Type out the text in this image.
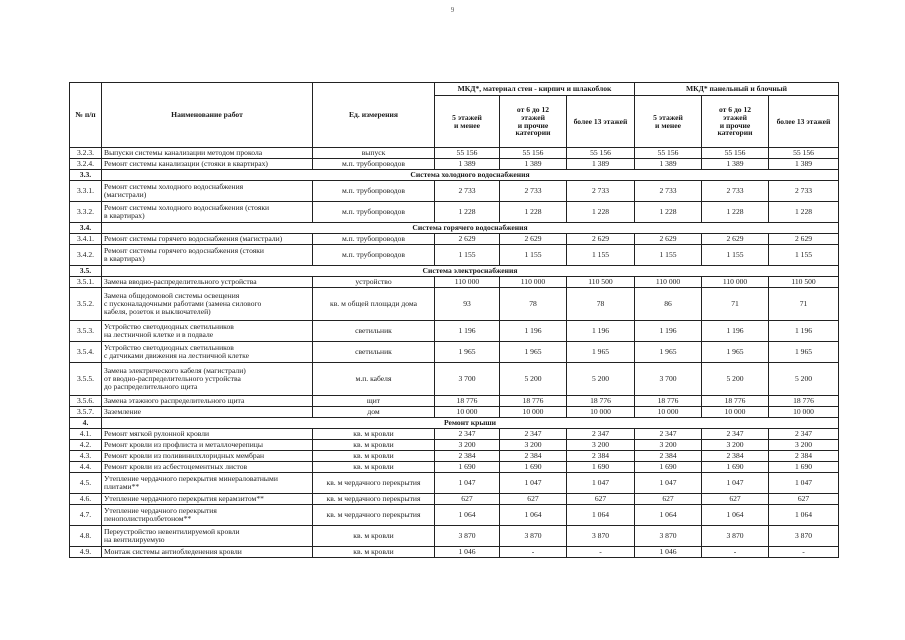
9
№ п/п	Наименование работ	Ед. измерения	МКД*, материал стен - кирпич и шлакоблок			МКД* панельный и блочный		
			5 этажей
и менее	от 6 до 12
этажей
и прочие
категории	более 13 этажей	5 этажей
и менее	от 6 до 12
этажей
и прочие
категории	более 13 этажей
3.2.3.	Выпуски системы канализации методом прокола	выпуск	55 156	55 156	55 156	55 156	55 156	55 156
3.2.4.	Ремонт системы канализации (стояки в квартирах)	м.п. трубопроводов	1 389	1 389	1 389	1 389	1 389	1 389
3.3.	Система холодного водоснабжения							
3.3.1.	Ремонт системы холодного водоснабжения
(магистрали)	м.п. трубопроводов	2 733	2 733	2 733	2 733	2 733	2 733
3.3.2.	Ремонт системы холодного водоснабжения (стояки
в квартирах)	м.п. трубопроводов	1 228	1 228	1 228	1 228	1 228	1 228
3.4.	Система горячего водоснабжения							
3.4.1.	Ремонт системы горячего водоснабжения (магистрали)	м.п. трубопроводов	2 629	2 629	2 629	2 629	2 629	2 629
3.4.2.	Ремонт системы горячего водоснабжения (стояки
в квартирах)	м.п. трубопроводов	1 155	1 155	1 155	1 155	1 155	1 155
3.5.	Система электроснабжения							
3.5.1.	Замена вводно-распределительного устройства	устройство	110 000	110 000	110 500	110 000	110 000	110 500
3.5.2.	Замена общедомовой системы освещения
с пусконаладочными работами (замена силового
кабеля, розеток и выключателей)	кв. м общей площади дома	93	78	78	86	71	71
3.5.3.	Устройство светодиодных светильников
на лестничной клетке и в подвале	светильник	1 196	1 196	1 196	1 196	1 196	1 196
3.5.4.	Устройство светодиодных светильников
с датчиками движения на лестничной клетке	светильник	1 965	1 965	1 965	1 965	1 965	1 965
3.5.5.	Замена электрического кабеля (магистрали)
от вводно-распределительного устройства
до распределительного щита	м.п. кабеля	3 700	5 200	5 200	3 700	5 200	5 200
3.5.6.	Замена этажного распределительного щита	щит	18 776	18 776	18 776	18 776	18 776	18 776
3.5.7.	Заземление	дом	10 000	10 000	10 000	10 000	10 000	10 000
4.	Ремонт крыши							
4.1.	Ремонт мягкой рулонной кровли	кв. м кровли	2 347	2 347	2 347	2 347	2 347	2 347
4.2.	Ремонт кровли из профлиста и металлочерепицы	кв. м кровли	3 200	3 200	3 200	3 200	3 200	3 200
4.3.	Ремонт кровли из поливинилхлоридных мембран	кв. м кровли	2 384	2 384	2 384	2 384	2 384	2 384
4.4.	Ремонт кровли из асбестоцементных листов	кв. м кровли	1 690	1 690	1 690	1 690	1 690	1 690
4.5.	Утепление чердачного перекрытия минераловатными
плитами**	кв. м чердачного перекрытия	1 047	1 047	1 047	1 047	1 047	1 047
4.6.	Утепление чердачного перекрытия керамзитом**	кв. м чердачного перекрытия	627	627	627	627	627	627
4.7.	Утепление чердачного перекрытия
пенополистиролбетоном**	кв. м чердачного перекрытия	1 064	1 064	1 064	1 064	1 064	1 064
4.8.	Переустройство невентилируемой кровли
на вентилируемую	кв. м кровли	3 870	3 870	3 870	3 870	3 870	3 870
4.9.	Монтаж системы антиобледенения кровли	кв. м кровли	1 046	-	-	1 046	-	-
